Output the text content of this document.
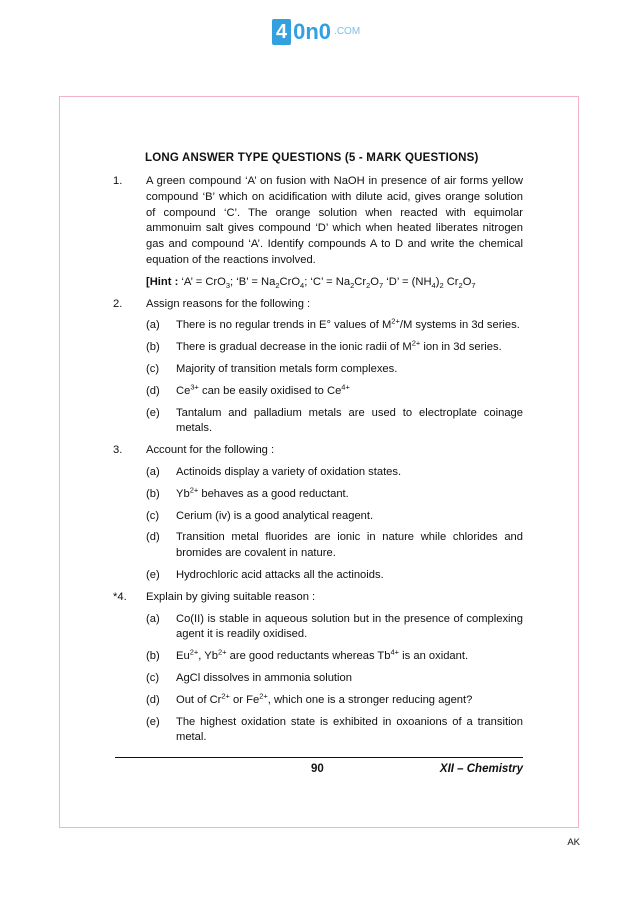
4 0n0 .COM
LONG ANSWER TYPE QUESTIONS (5 - MARK QUESTIONS)
1.	A green compound ‘A’ on fusion with NaOH in presence of air forms yellow compound ‘B’ which on acidification with dilute acid, gives orange solution of compound ‘C’. The orange solution when reacted with equimolar ammonuim salt gives compound ‘D’ which when heated liberates nitrogen gas and compound ‘A’. Identify compounds A to D and write the chemical equation of the reactions involved.
[Hint : ‘A’ = CrO$_3$; ‘B’ = $Na_2CrO_4$; ‘C’ = $Na_2Cr_2O_7$ ‘D’ = $(NH_4)_2$ $Cr_2O_7$
2.	Assign reasons for the following :
(a)	There is no regular trends in E° values of $M^{2+}/M$ systems in 3d series.
(b)	There is gradual decrease in the ionic radii of $M^{2+}$ ion in 3d series.
(c)	Majority of transition metals form complexes.
(d)	$Ce^{3+}$ can be easily oxidised to $Ce^{4+}$
(e)	Tantalum and palladium metals are used to electroplate coinage metals.
3.	Account for the following :
(a)	Actinoids display a variety of oxidation states.
(b)	$Yb^{2+}$ behaves as a good reductant.
(c)	Cerium (iv) is a good analytical reagent.
(d)	Transition metal fluorides are ionic in nature while chlorides and bromides are covalent in nature.
(e)	Hydrochloric acid attacks all the actinoids.
*4.	Explain by giving suitable reason :
(a)	Co(II) is stable in aqueous solution but in the presence of complexing agent it is readily oxidised.
(b)	$Eu^{2+}$, $Yb^{2+}$ are good reductants whereas $Tb^{4+}$ is an oxidant.
(c)	AgCl dissolves in ammonia solution
(d)	Out of $Cr^{2+}$ or $Fe^{2+}$, which one is a stronger reducing agent?
(e)	The highest oxidation state is exhibited in oxoanions of a transition metal.
90	XII – Chemistry
AK
